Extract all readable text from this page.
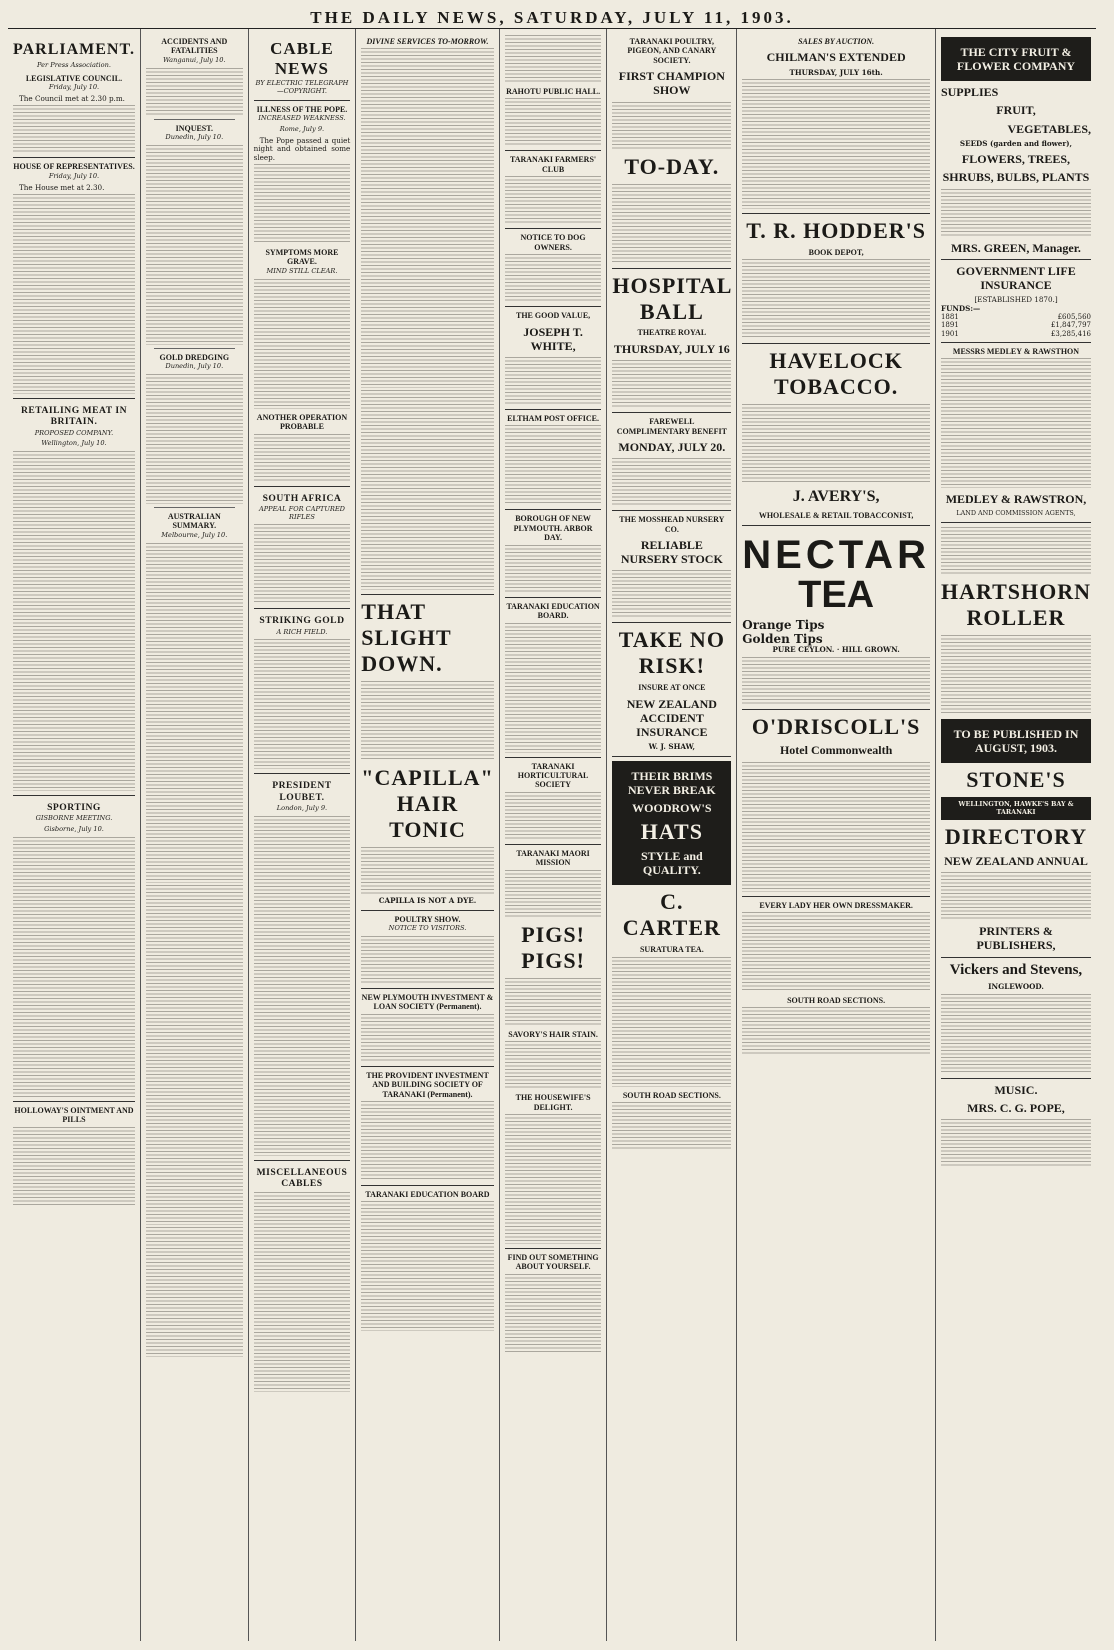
THE DAILY NEWS, SATURDAY, JULY 11, 1903.
PARLIAMENT.
Per Press Association.
LEGISLATIVE COUNCIL.
Friday, July 10.

The Council met at 2.30 p.m.

HOUSE OF REPRESENTATIVES.
Friday, July 10.

The House met at 2.30.

RETAILING MEAT IN BRITAIN.
PROPOSED COMPANY.
Wellington, July 10.
SPORTING
GISBORNE MEETING.
Gisborne, July 10.
HOLLOWAY'S OINTMENT AND PILLS
ACCIDENTS AND FATALITIES
Wanganui, July 10.
INQUEST.
Dunedin, July 10.
GOLD DREDGING
Dunedin, July 10.
AUSTRALIAN SUMMARY.
Melbourne, July 10.
CABLE NEWS
BY ELECTRIC TELEGRAPH—COPYRIGHT.
ILLNESS OF THE POPE.
INCREASED WEAKNESS.
Rome, July 9.

The Pope passed a quiet night and obtained some sleep.

SYMPTOMS MORE GRAVE.
MIND STILL CLEAR.
ANOTHER OPERATION PROBABLE
SOUTH AFRICA
APPEAL FOR CAPTURED RIFLES
STRIKING GOLD
A RICH FIELD.
PRESIDENT LOUBET.
London, July 9.
MISCELLANEOUS CABLES
DIVINE SERVICES TO-MORROW.
THAT SLIGHT DOWN.
"CAPILLA" HAIR TONIC
CAPILLA IS NOT A DYE.
POULTRY SHOW.
NOTICE TO VISITORS.
NEW PLYMOUTH INVESTMENT & LOAN SOCIETY (Permanent).
THE PROVIDENT INVESTMENT AND BUILDING SOCIETY OF TARANAKI (Permanent).
TARANAKI EDUCATION BOARD
RAHOTU PUBLIC HALL.
TARANAKI FARMERS' CLUB
NOTICE TO DOG OWNERS.
THE GOOD VALUE,
JOSEPH T. WHITE,
ELTHAM POST OFFICE.
BOROUGH OF NEW PLYMOUTH. ARBOR DAY.
TARANAKI EDUCATION BOARD.
TARANAKI HORTICULTURAL SOCIETY
TARANAKI MAORI MISSION
PIGS! PIGS!
SAVORY'S HAIR STAIN.
THE HOUSEWIFE'S DELIGHT.
FIND OUT SOMETHING ABOUT YOURSELF.
TARANAKI POULTRY, PIGEON, AND CANARY SOCIETY.
FIRST CHAMPION SHOW
TO-DAY.
HOSPITAL BALL
THEATRE ROYAL
THURSDAY, JULY 16
FAREWELL COMPLIMENTARY BENEFIT
MONDAY, JULY 20.
THE MOSSHEAD NURSERY CO.
RELIABLE NURSERY STOCK
TAKE NO RISK!
INSURE AT ONCE
NEW ZEALAND ACCIDENT INSURANCE
W. J. SHAW,
THEIR BRIMS NEVER BREAK
WOODROW'S
HATS
STYLE and QUALITY.
C. CARTER
SURATURA TEA.
SOUTH ROAD SECTIONS.
SALES BY AUCTION.
CHILMAN'S EXTENDED
THURSDAY, JULY 16th.
T. R. HODDER'S
BOOK DEPOT,
HAVELOCK TOBACCO.
J. AVERY'S,
WHOLESALE & RETAIL TOBACCONIST,
NECTAR
TEA
Orange Tips
Golden Tips
PURE CEYLON. · HILL GROWN.
O'DRISCOLL'S
Hotel Commonwealth
EVERY LADY HER OWN DRESSMAKER.
SOUTH ROAD SECTIONS.
THE CITY FRUIT & FLOWER COMPANY
SUPPLIES
FRUIT,
VEGETABLES,
SEEDS (garden and flower),
FLOWERS, TREES,
SHRUBS, BULBS, PLANTS
MRS. GREEN, Manager.
GOVERNMENT LIFE INSURANCE
[ESTABLISHED 1870.]
FUNDS:—
1881	£605,560
1891	£1,847,797
1901	£3,285,416
MESSRS MEDLEY & RAWSTHON
MEDLEY & RAWSTRON,
LAND AND COMMISSION AGENTS,
HARTSHORN ROLLER
TO BE PUBLISHED IN AUGUST, 1903.
STONE'S
WELLINGTON, HAWKE'S BAY & TARANAKI
DIRECTORY
NEW ZEALAND ANNUAL
PRINTERS & PUBLISHERS,
Vickers and Stevens,
INGLEWOOD.
MUSIC.
MRS. C. G. POPE,
